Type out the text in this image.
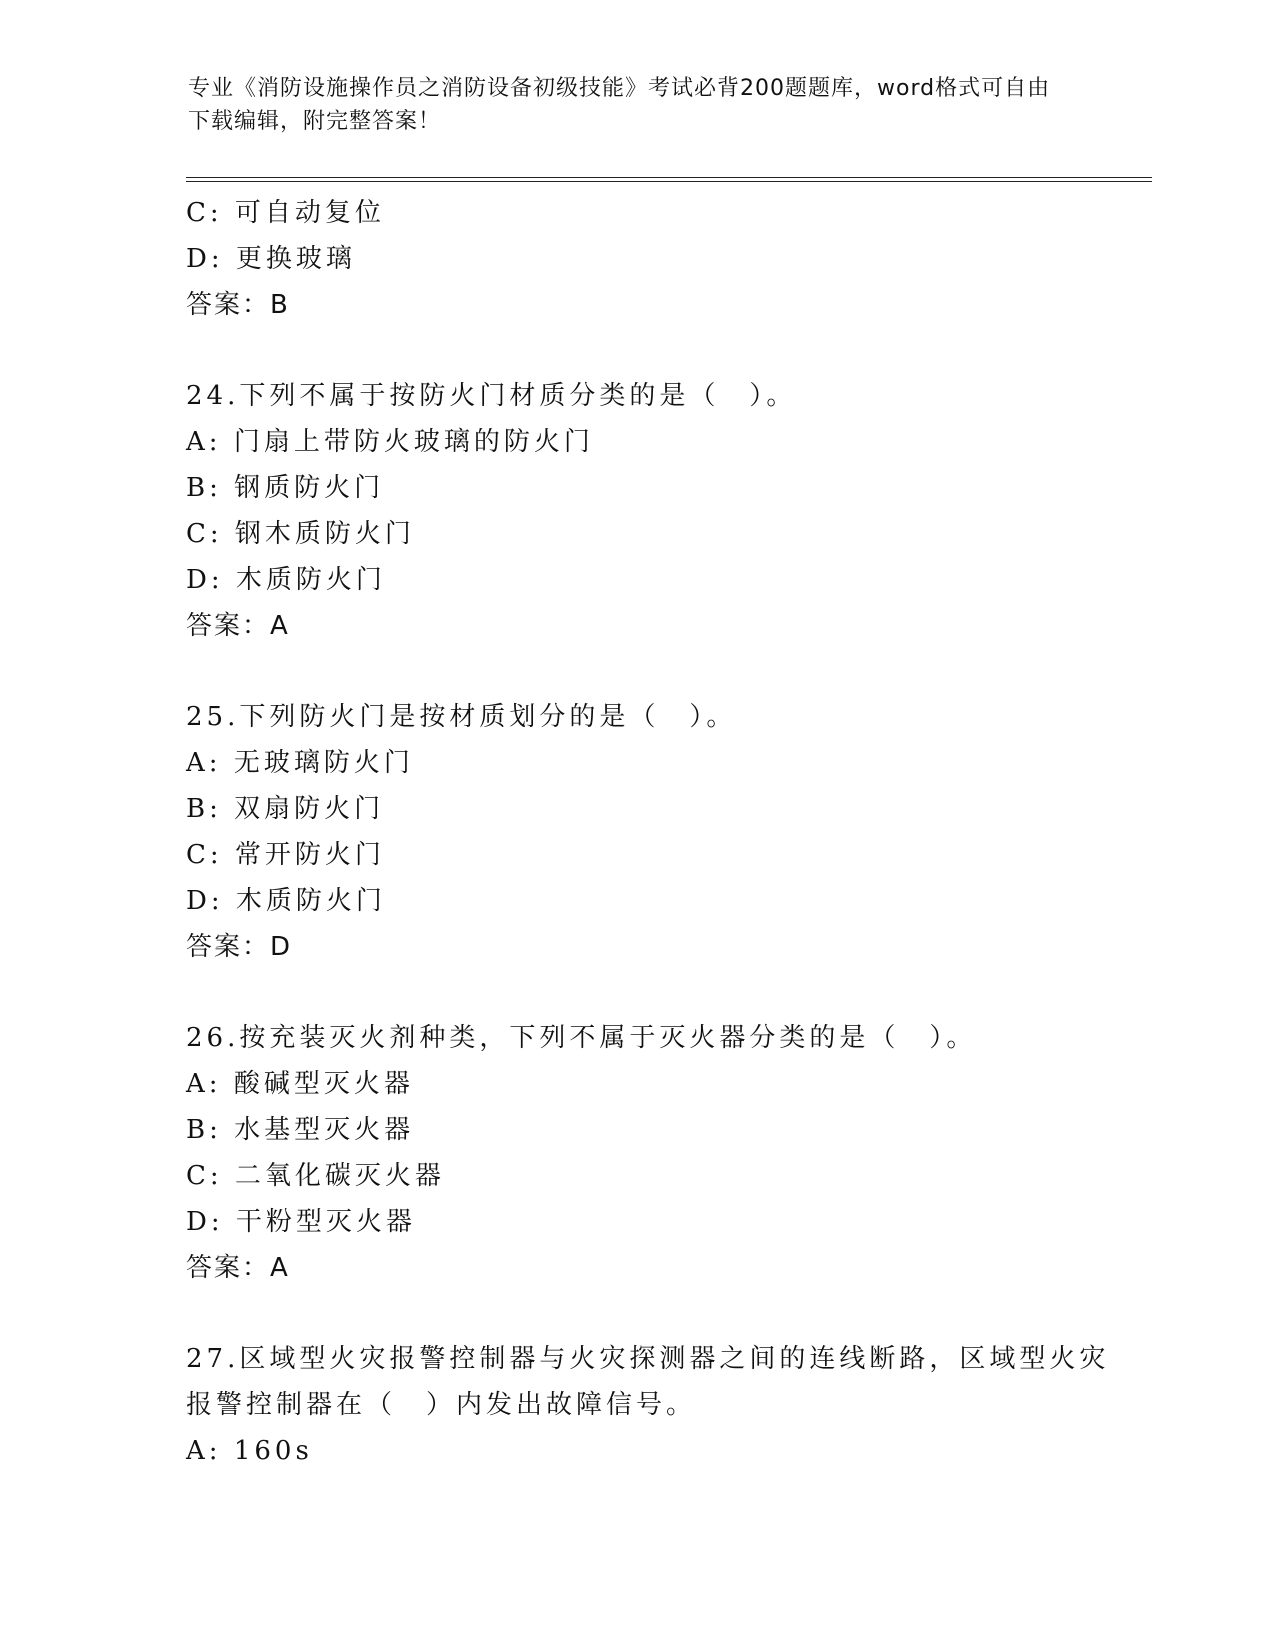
专业《消防设施操作员之消防设备初级技能》考试必背200题题库，word格式可自由下载编辑，附完整答案！
C: 可自动复位
D: 更换玻璃
答案：B
24.下列不属于按防火门材质分类的是（　）。
A: 门扇上带防火玻璃的防火门
B: 钢质防火门
C: 钢木质防火门
D: 木质防火门
答案：A
25.下列防火门是按材质划分的是（　）。
A: 无玻璃防火门
B: 双扇防火门
C: 常开防火门
D: 木质防火门
答案：D
26.按充装灭火剂种类，下列不属于灭火器分类的是（　）。
A: 酸碱型灭火器
B: 水基型灭火器
C: 二氧化碳灭火器
D: 干粉型灭火器
答案：A
27.区域型火灾报警控制器与火灾探测器之间的连线断路，区域型火灾
报警控制器在（　）内发出故障信号。
A: 160s
